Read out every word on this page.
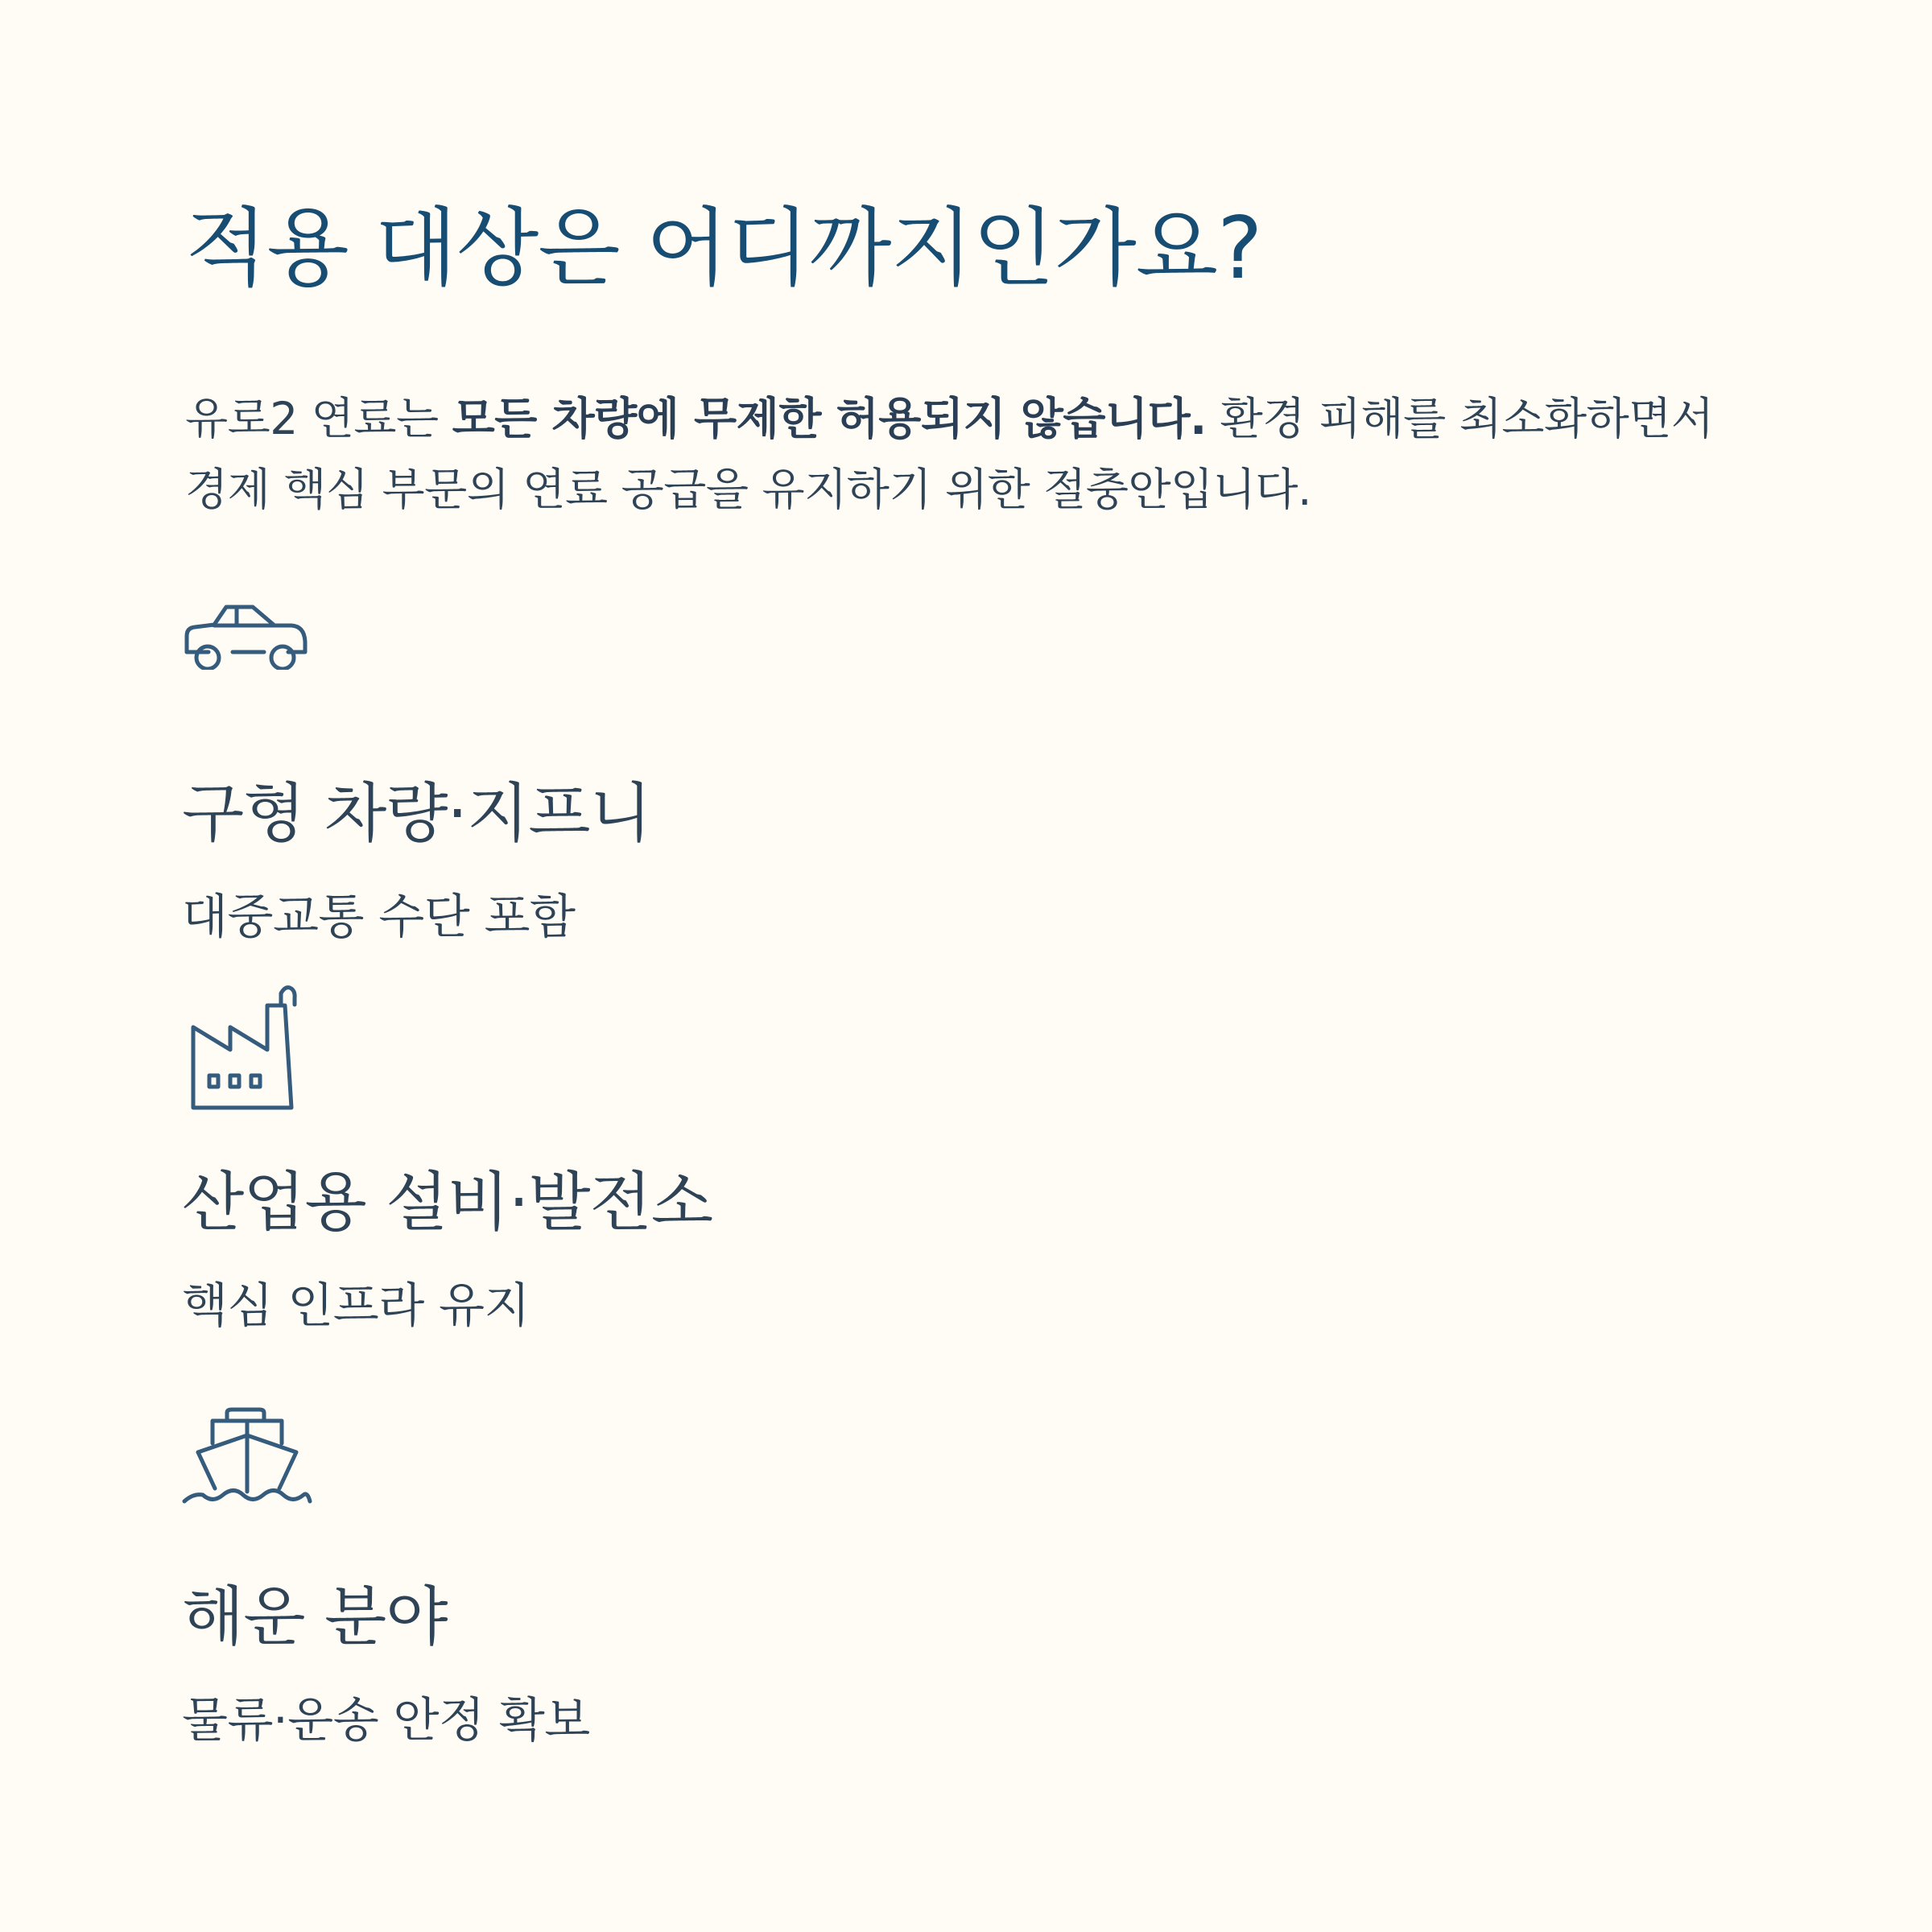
적용 대상은 어디까지인가요?

유로2 연료는 모든 차량에 무제한 허용되지 않습니다. 환경 피해를 최소화하면서 경제 핵심 부문의 연료 공급을 유지하기 위한 절충안입니다.

구형 차량·지프니

대중교통 수단 포함

산업용 설비·발전소

핵심 인프라 유지

해운 분야

물류·운송 안정 확보
